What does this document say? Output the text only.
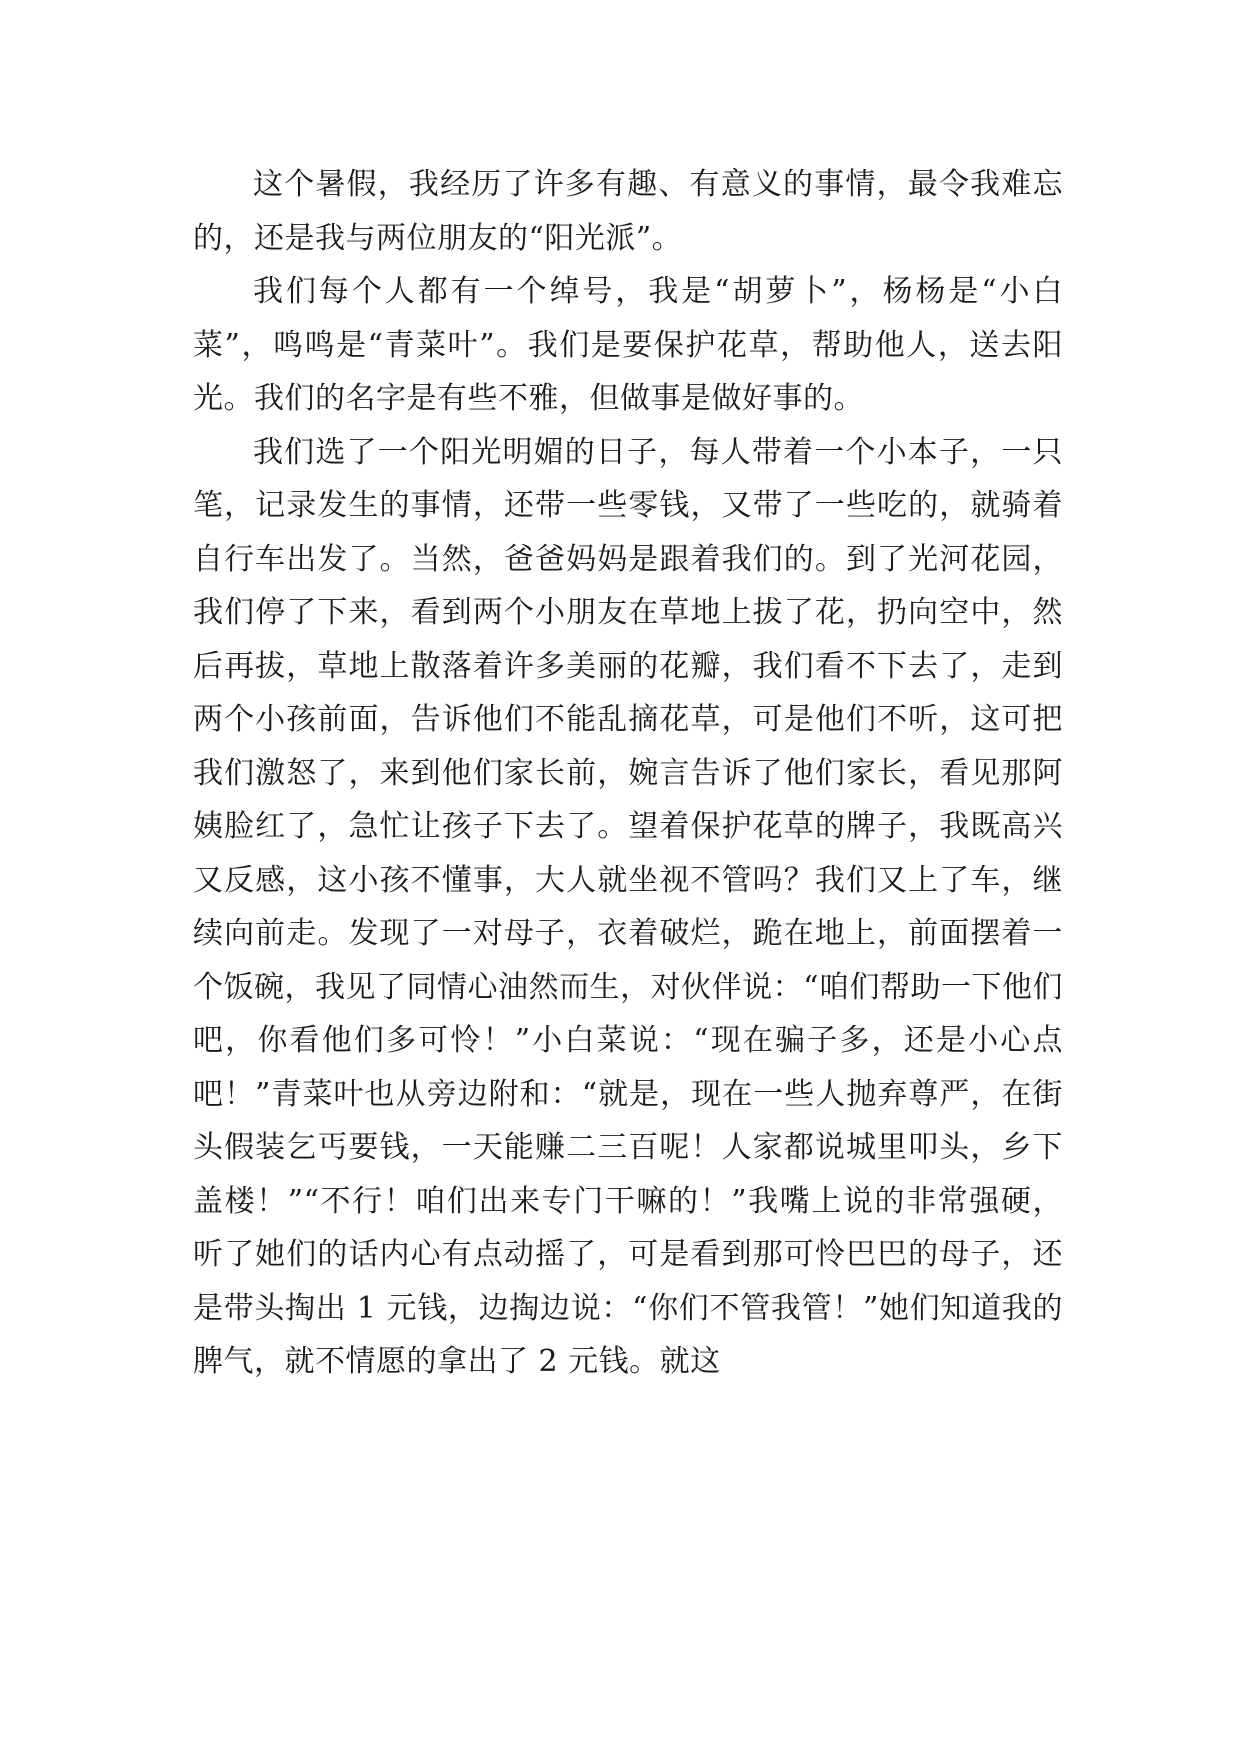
这个暑假，我经历了许多有趣、有意义的事情，最令我难忘的，还是我与两位朋友的“阳光派”。

我们每个人都有一个绰号，我是“胡萝卜”，杨杨是“小白菜”，鸣鸣是“青菜叶”。我们是要保护花草，帮助他人，送去阳光。我们的名字是有些不雅，但做事是做好事的。

我们选了一个阳光明媚的日子，每人带着一个小本子，一只笔，记录发生的事情，还带一些零钱，又带了一些吃的，就骑着自行车出发了。当然，爸爸妈妈是跟着我们的。到了光河花园，我们停了下来，看到两个小朋友在草地上拔了花，扔向空中，然后再拔，草地上散落着许多美丽的花瓣，我们看不下去了，走到两个小孩前面，告诉他们不能乱摘花草，可是他们不听，这可把我们激怒了，来到他们家长前，婉言告诉了他们家长，看见那阿姨脸红了，急忙让孩子下去了。望着保护花草的牌子，我既高兴又反感，这小孩不懂事，大人就坐视不管吗？我们又上了车，继续向前走。发现了一对母子，衣着破烂，跪在地上，前面摆着一个饭碗，我见了同情心油然而生，对伙伴说：“咱们帮助一下他们吧，你看他们多可怜！”小白菜说：“现在骗子多，还是小心点吧！”青菜叶也从旁边附和：“就是，现在一些人抛弃尊严，在街头假装乞丐要钱，一天能赚二三百呢！人家都说城里叩头，乡下盖楼！”“不行！咱们出来专门干嘛的！”我嘴上说的非常强硬，听了她们的话内心有点动摇了，可是看到那可怜巴巴的母子，还是带头掏出 1 元钱，边掏边说：“你们不管我管！”她们知道我的脾气，就不情愿的拿出了 2 元钱。就这
